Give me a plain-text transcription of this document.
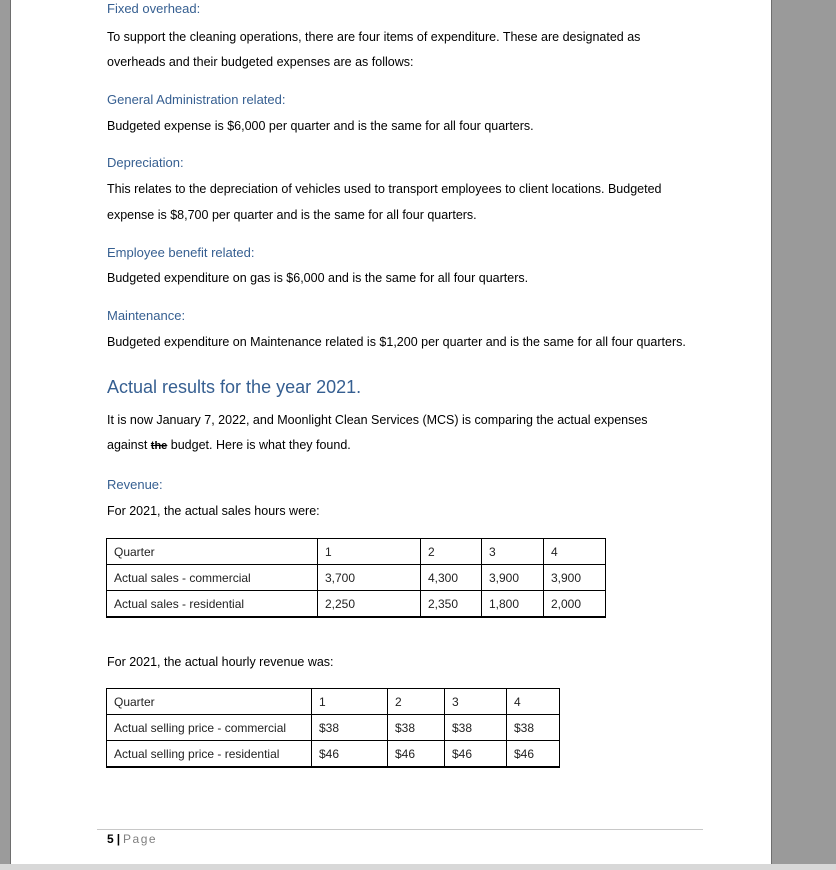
Fixed overhead:
To support the cleaning operations, there are four items of expenditure. These are designated as
overheads and their budgeted expenses are as follows:
General Administration related:
Budgeted expense is $6,000 per quarter and is the same for all four quarters.
Depreciation:
This relates to the depreciation of vehicles used to transport employees to client locations. Budgeted
expense is $8,700 per quarter and is the same for all four quarters.
Employee benefit related:
Budgeted expenditure on gas is $6,000 and is the same for all four quarters.
Maintenance:
Budgeted expenditure on Maintenance related is $1,200 per quarter and is the same for all four quarters.
Actual results for the year 2021.
It is now January 7, 2022, and Moonlight Clean Services (MCS) is comparing the actual expenses
against the budget. Here is what they found.
Revenue:
For 2021, the actual sales hours were:
Quarter	1	2	3	4
Actual sales - commercial	3,700	4,300	3,900	3,900
Actual sales - residential	2,250	2,350	1,800	2,000
For 2021, the actual hourly revenue was:
Quarter	1	2	3	4
Actual selling price - commercial	$38	$38	$38	$38
Actual selling price - residential	$46	$46	$46	$46
5 | Page
